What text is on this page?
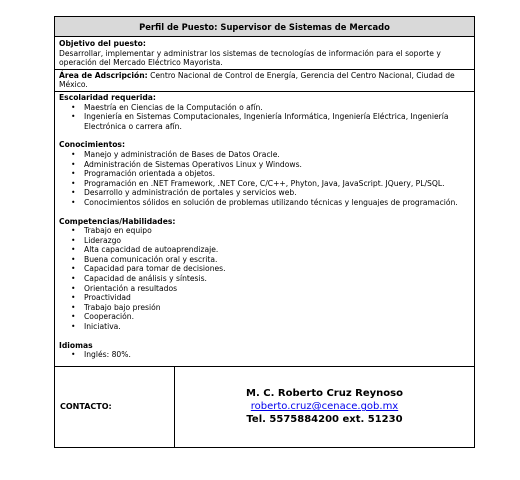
Perfil de Puesto: Supervisor de Sistemas de Mercado
Objetivo del puesto:
Desarrollar, implementar y administrar los sistemas de tecnologías de información para el soporte y operación del Mercado Eléctrico Mayorista.
Área de Adscripción: Centro Nacional de Control de Energía, Gerencia del Centro Nacional, Ciudad de México.
Escolaridad requerida:
• Maestría en Ciencias de la Computación o afín.
• Ingeniería en Sistemas Computacionales, Ingeniería Informática, Ingeniería Eléctrica, Ingeniería Electrónica o carrera afín.
Conocimientos:
• Manejo y administración de Bases de Datos Oracle.
• Administración de Sistemas Operativos Linux y Windows.
• Programación orientada a objetos.
• Programación en .NET Framework, .NET Core, C/C++, Phyton, Java, JavaScript. JQuery, PL/SQL.
• Desarrollo y administración de portales y servicios web.
• Conocimientos sólidos en solución de problemas utilizando técnicas y lenguajes de programación.
Competencias/Habilidades:
• Trabajo en equipo
• Liderazgo
• Alta capacidad de autoaprendizaje.
• Buena comunicación oral y escrita.
• Capacidad para tomar de decisiones.
• Capacidad de análisis y síntesis.
• Orientación a resultados
• Proactividad
• Trabajo bajo presión
• Cooperación.
• Iniciativa.
Idiomas
• Inglés: 80%.
CONTACTO:
M. C. Roberto Cruz Reynoso
roberto.cruz@cenace.gob.mx
Tel. 5575884200 ext. 51230
